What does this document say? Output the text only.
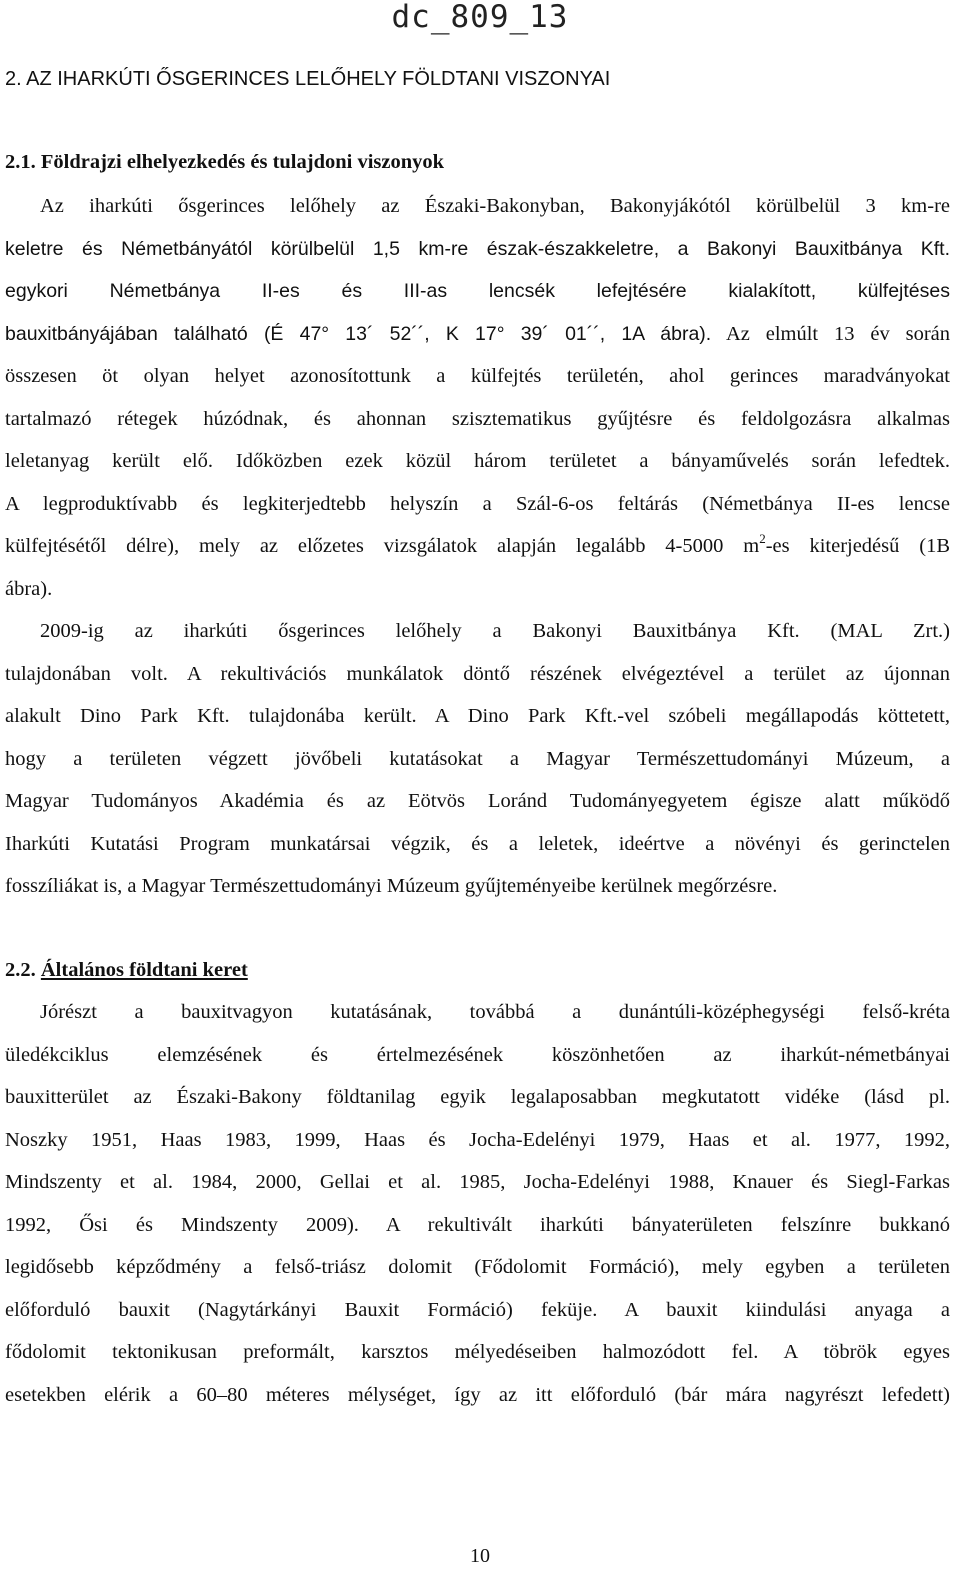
dc_809_13
2. AZ IHARKÚTI ŐSGERINCES LELŐHELY FÖLDTANI VISZONYAI
2.1. Földrajzi elhelyezkedés és tulajdoni viszonyok
Az iharkúti ősgerinces lelőhely az Északi-Bakonyban, Bakonyjákótól körülbelül 3 km-re
keletre és Németbányától körülbelül 1,5 km-re észak-északkeletre, a Bakonyi Bauxitbánya Kft.
egykori Németbánya II-es és III-as lencsék lefejtésére kialakított, külfejtéses
bauxitbányájában található (É 47° 13´ 52´´, K 17° 39´ 01´´, 1A ábra). Az elmúlt 13 év során
összesen öt olyan helyet azonosítottunk a külfejtés területén, ahol gerinces maradványokat
tartalmazó rétegek húzódnak, és ahonnan szisztematikus gyűjtésre és feldolgozásra alkalmas
leletanyag került elő. Időközben ezek közül három területet a bányaművelés során lefedtek.
A legproduktívabb és legkiterjedtebb helyszín a Szál-6-os feltárás (Németbánya II-es lencse
külfejtésétől délre), mely az előzetes vizsgálatok alapján legalább 4-5000 $m^2-es$ kiterjedésű (1B
ábra).
2009-ig az iharkúti ősgerinces lelőhely a Bakonyi Bauxitbánya Kft. (MAL Zrt.)
tulajdonában volt. A rekultivációs munkálatok döntő részének elvégeztével a terület az újonnan
alakult Dino Park Kft. tulajdonába került. A Dino Park Kft.-vel szóbeli megállapodás köttetett,
hogy a területen végzett jövőbeli kutatásokat a Magyar Természettudományi Múzeum, a
Magyar Tudományos Akadémia és az Eötvös Loránd Tudományegyetem égisze alatt működő
Iharkúti Kutatási Program munkatársai végzik, és a leletek, ideértve a növényi és gerinctelen
fosszíliákat is, a Magyar Természettudományi Múzeum gyűjteményeibe kerülnek megőrzésre.
2.2. Általános földtani keret
Jórészt a bauxitvagyon kutatásának, továbbá a dunántúli-középhegységi felső-kréta
üledékciklus elemzésének és értelmezésének köszönhetően az iharkút-németbányai
bauxitterület az Északi-Bakony földtanilag egyik legalaposabban megkutatott vidéke (lásd pl.
Noszky 1951, Haas 1983, 1999, Haas és Jocha-Edelényi 1979, Haas et al. 1977, 1992,
Mindszenty et al. 1984, 2000, Gellai et al. 1985, Jocha-Edelényi 1988, Knauer és Siegl-Farkas
1992, Ősi és Mindszenty 2009). A rekultivált iharkúti bányaterületen felszínre bukkanó
legidősebb képződmény a felső-triász dolomit (Fődolomit Formáció), mely egyben a területen
előforduló bauxit (Nagytárkányi Bauxit Formáció) feküje. A bauxit kiindulási anyaga a
fődolomit tektonikusan preformált, karsztos mélyedéseiben halmozódott fel. A töbrök egyes
esetekben elérik a 60–80 méteres mélységet, így az itt előforduló (bár mára nagyrészt lefedett)
10
